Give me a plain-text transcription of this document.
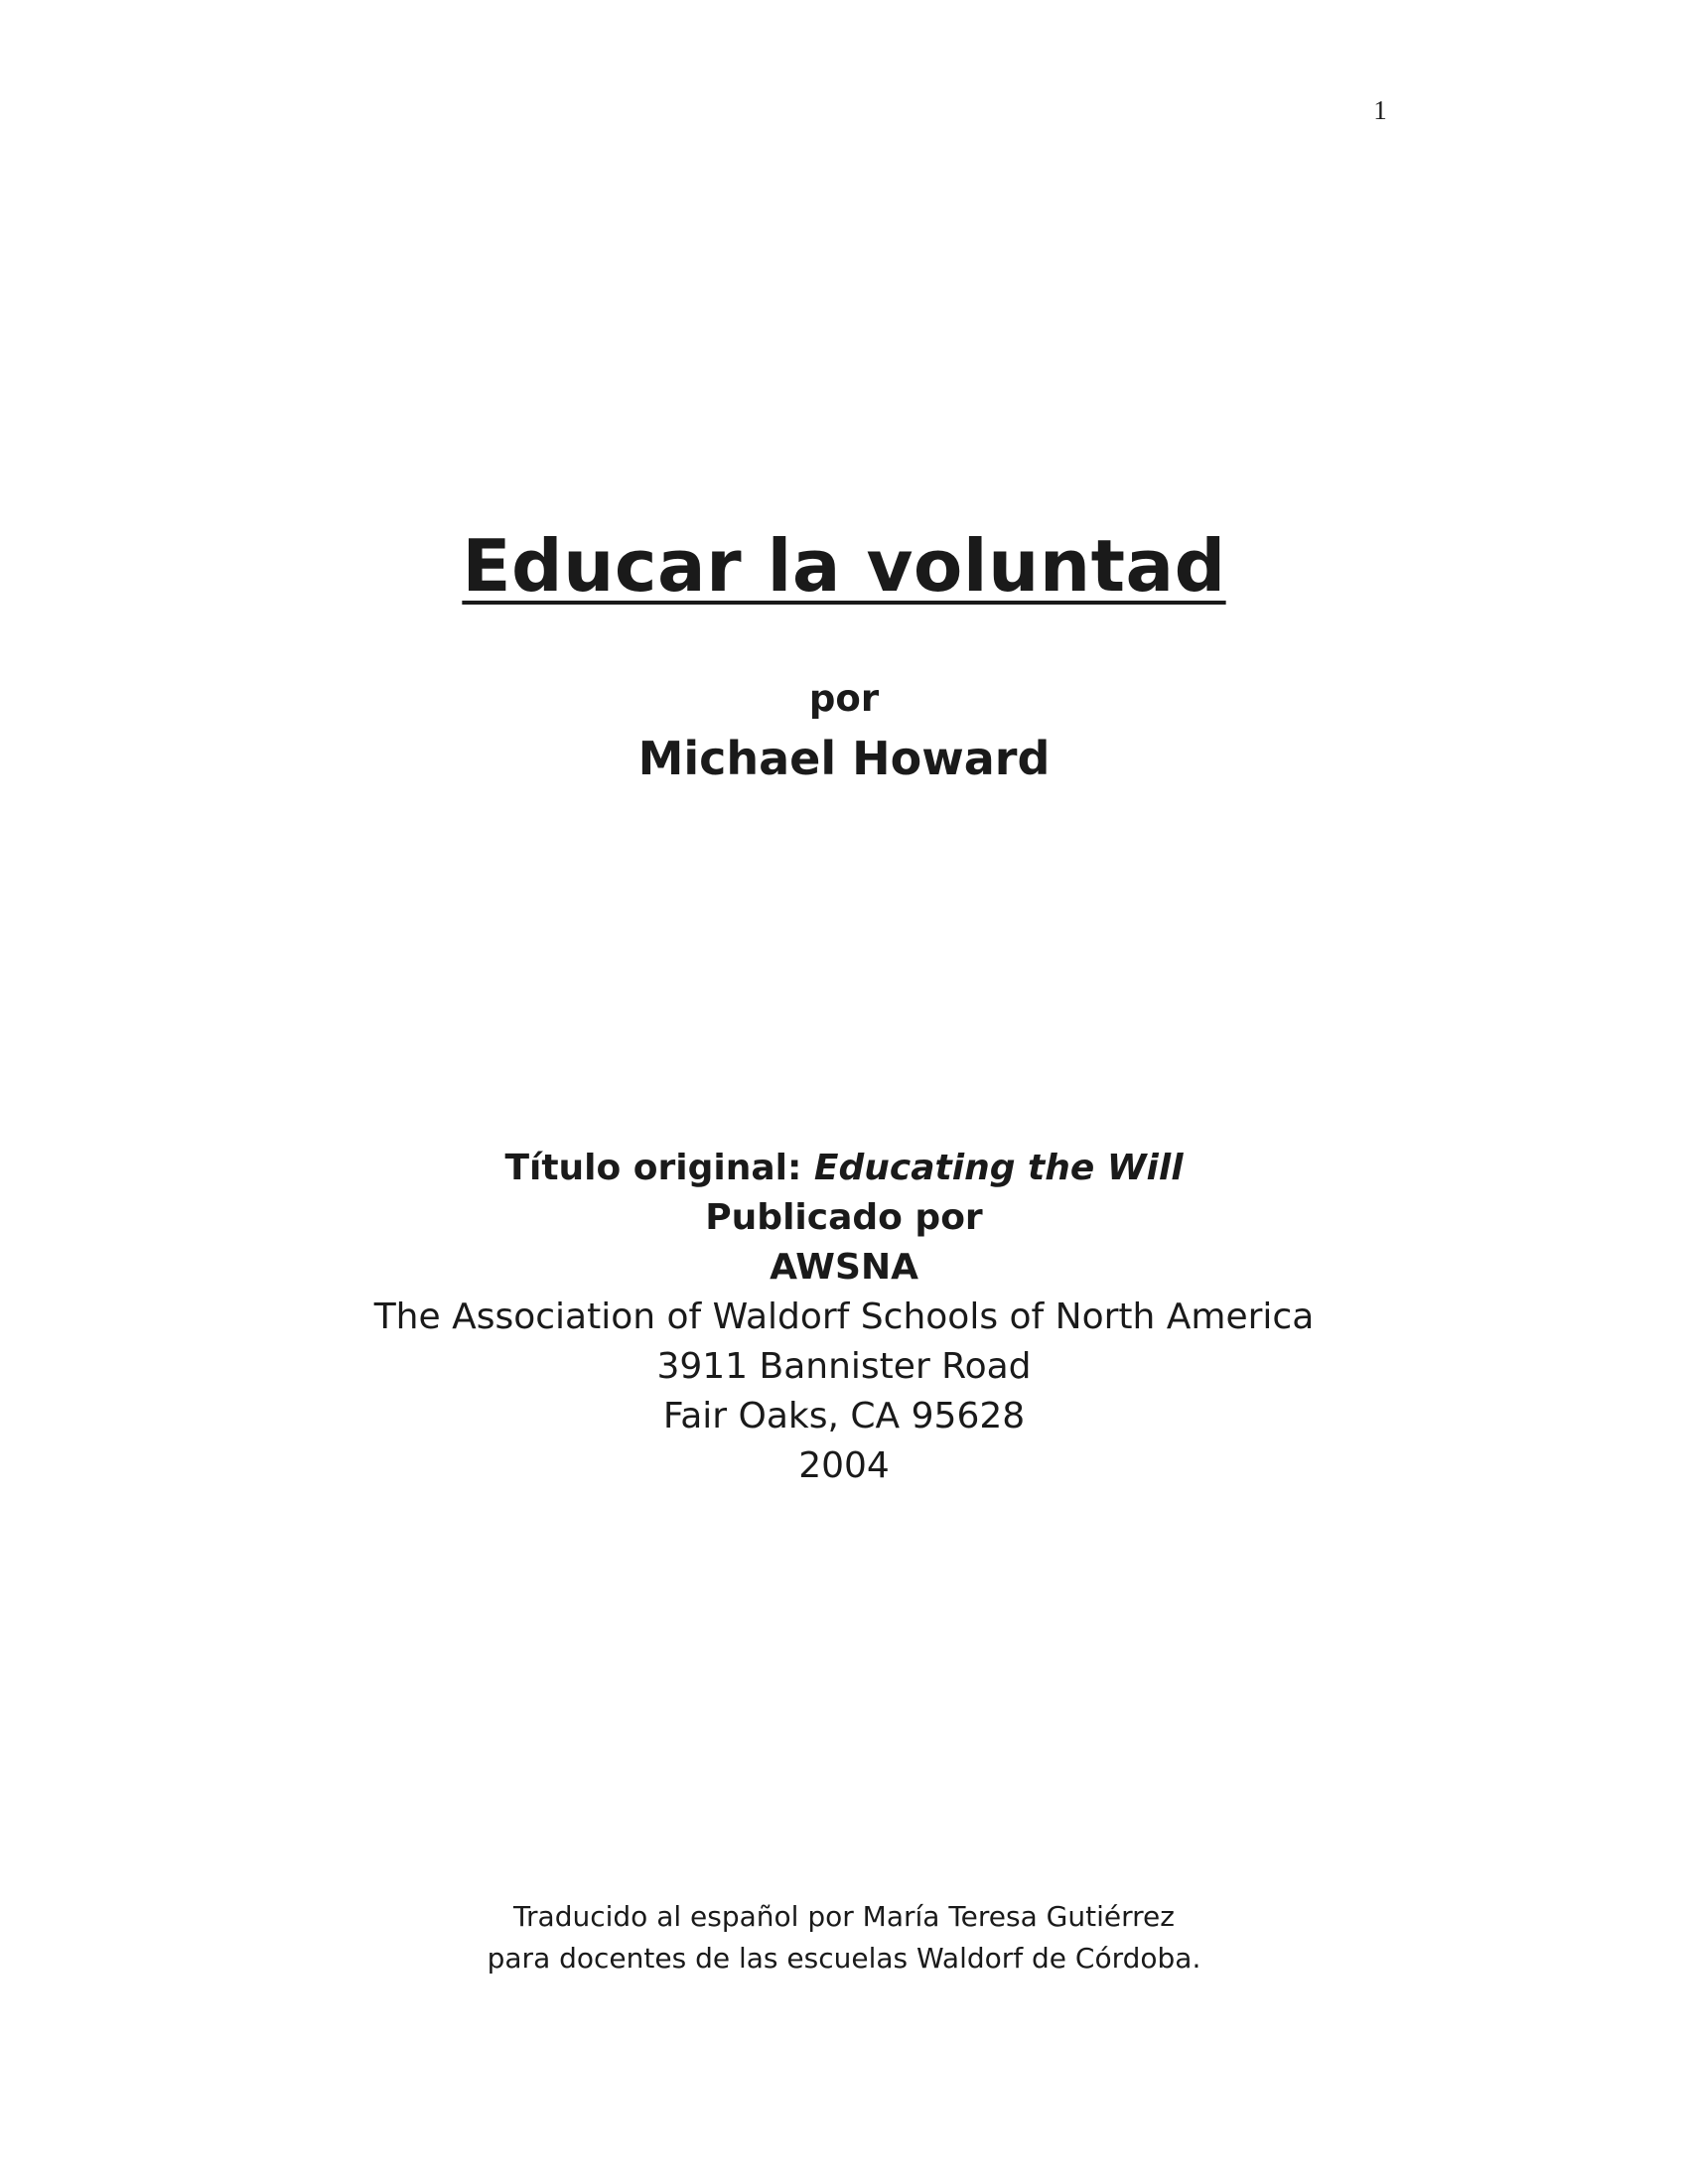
1
Educar la voluntad
por
Michael Howard
Título original: Educating the Will
Publicado por
AWSNA
The Association of Waldorf Schools of North America
3911 Bannister Road
Fair Oaks, CA 95628
2004
Traducido al español por María Teresa Gutiérrez
para docentes de las escuelas Waldorf de Córdoba.
